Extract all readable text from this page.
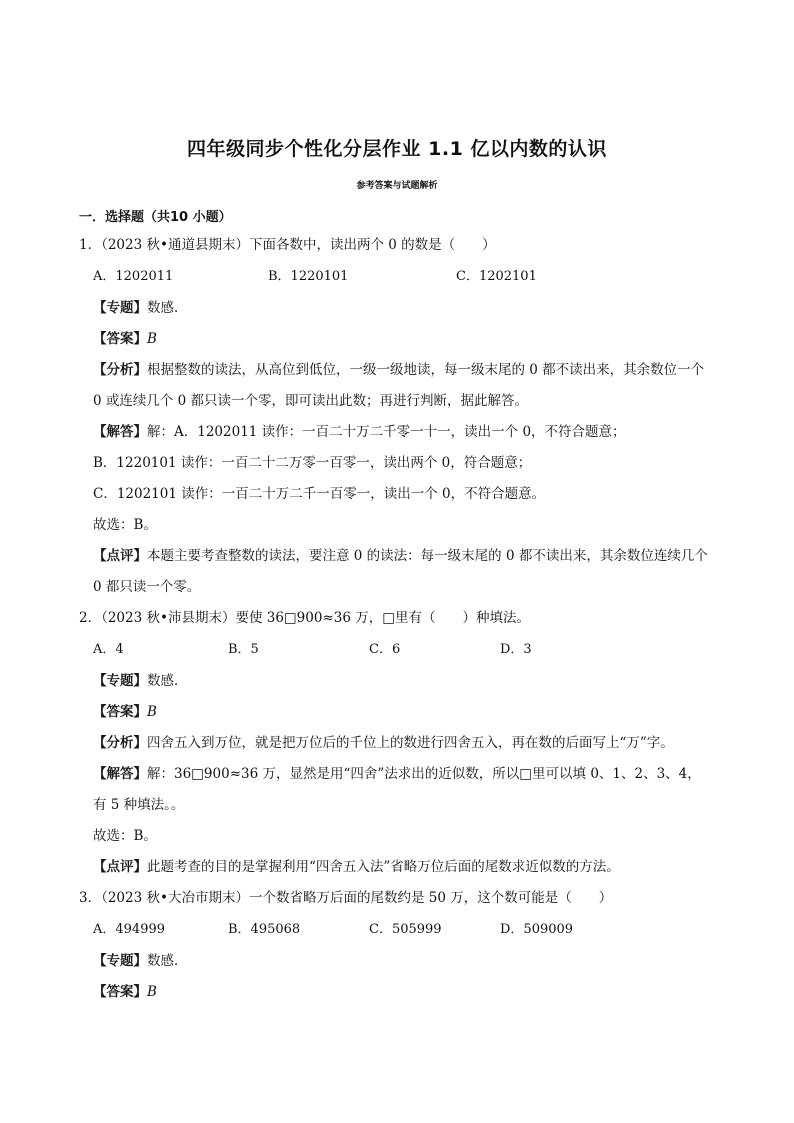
四年级同步个性化分层作业 1.1 亿以内数的认识
参考答案与试题解析
一．选择题（共10 小题）
1．（2023 秋•通道县期末）下面各数中，读出两个 0 的数是（　　）
A．1202011	B．1220101	C．1202101
【专题】数感．
【答案】B
【分析】根据整数的读法，从高位到低位，一级一级地读，每一级末尾的 0 都不读出来，其余数位一个
0 或连续几个 0 都只读一个零，即可读出此数；再进行判断，据此解答。
【解答】解：A．1202011 读作：一百二十万二千零一十一，读出一个 0，不符合题意；
B．1220101 读作：一百二十二万零一百零一，读出两个 0，符合题意；
C．1202101 读作：一百二十万二千一百零一，读出一个 0，不符合题意。
故选：B。
【点评】本题主要考查整数的读法，要注意 0 的读法：每一级末尾的 0 都不读出来，其余数位连续几个
0 都只读一个零。
2．（2023 秋•沛县期末）要使 36□900≈36 万，□里有（　　）种填法。
A．4	B．5	C．6	D．3
【专题】数感．
【答案】B
【分析】四舍五入到万位，就是把万位后的千位上的数进行四舍五入，再在数的后面写上“万”字。
【解答】解：36□900≈36 万，显然是用“四舍”法求出的近似数，所以□里可以填 0、1、2、3、4，
有 5 种填法。。
故选：B。
【点评】此题考查的目的是掌握利用“四舍五入法”省略万位后面的尾数求近似数的方法。
3．（2023 秋•大冶市期末）一个数省略万后面的尾数约是 50 万，这个数可能是（　　）
A．494999	B．495068	C．505999	D．509009
【专题】数感．
【答案】B
